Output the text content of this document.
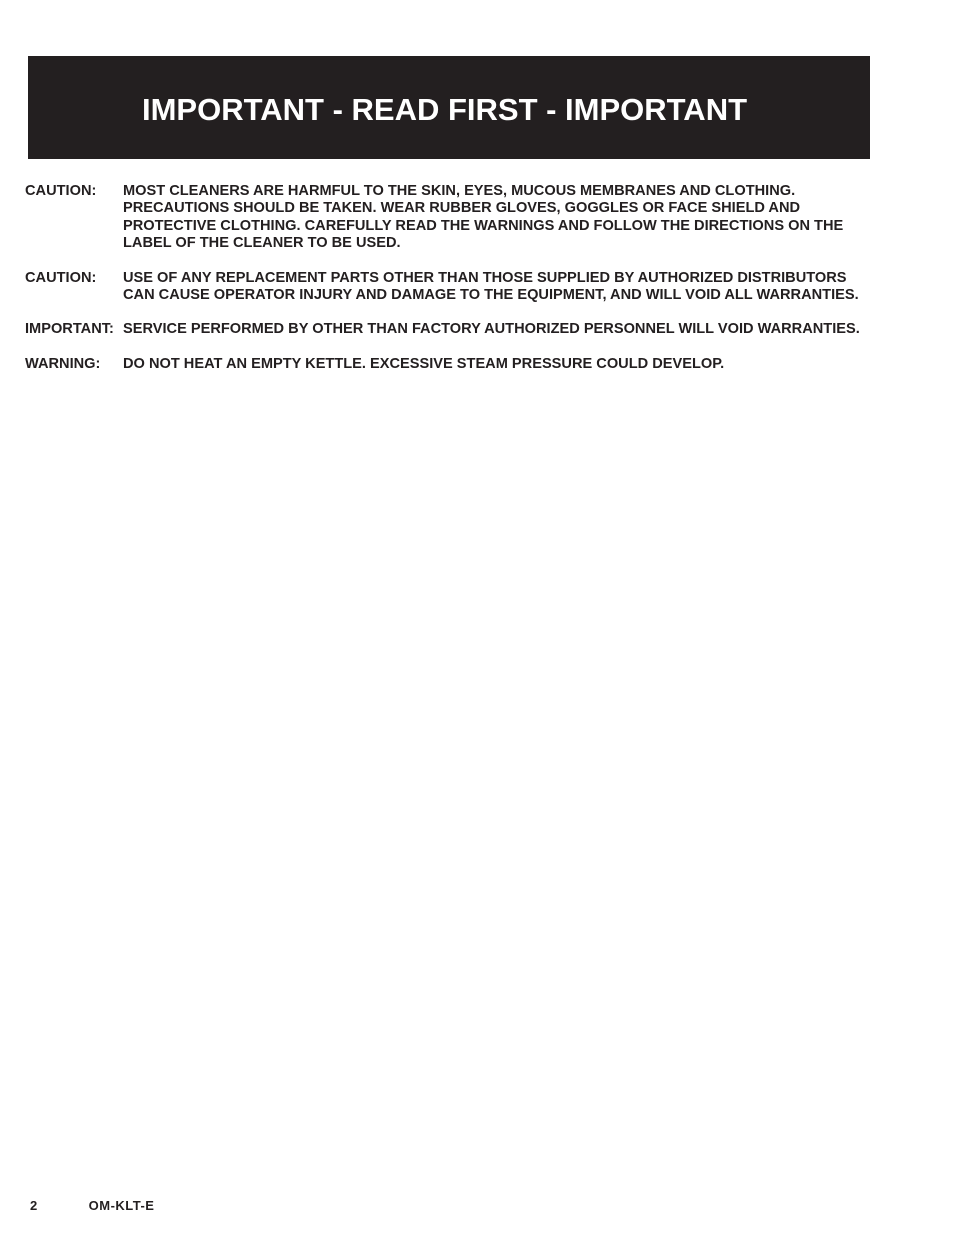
IMPORTANT - READ FIRST - IMPORTANT
CAUTION:	MOST CLEANERS ARE HARMFUL TO THE SKIN, EYES, MUCOUS MEMBRANES AND CLOTHING. PRECAUTIONS SHOULD BE TAKEN. WEAR RUBBER GLOVES, GOGGLES OR FACE SHIELD AND PROTECTIVE CLOTHING. CAREFULLY READ THE WARNINGS AND FOLLOW THE DIRECTIONS ON THE LABEL OF THE CLEANER TO BE USED.
CAUTION:	USE OF ANY REPLACEMENT PARTS OTHER THAN THOSE SUPPLIED BY AUTHORIZED DISTRIBUTORS CAN CAUSE OPERATOR INJURY AND DAMAGE TO THE EQUIPMENT, AND WILL VOID ALL WARRANTIES.
IMPORTANT: SERVICE PERFORMED BY OTHER THAN FACTORY AUTHORIZED PERSONNEL WILL VOID WARRANTIES.
WARNING:	DO NOT HEAT AN EMPTY KETTLE. EXCESSIVE STEAM PRESSURE COULD DEVELOP.
2	OM-KLT-E
